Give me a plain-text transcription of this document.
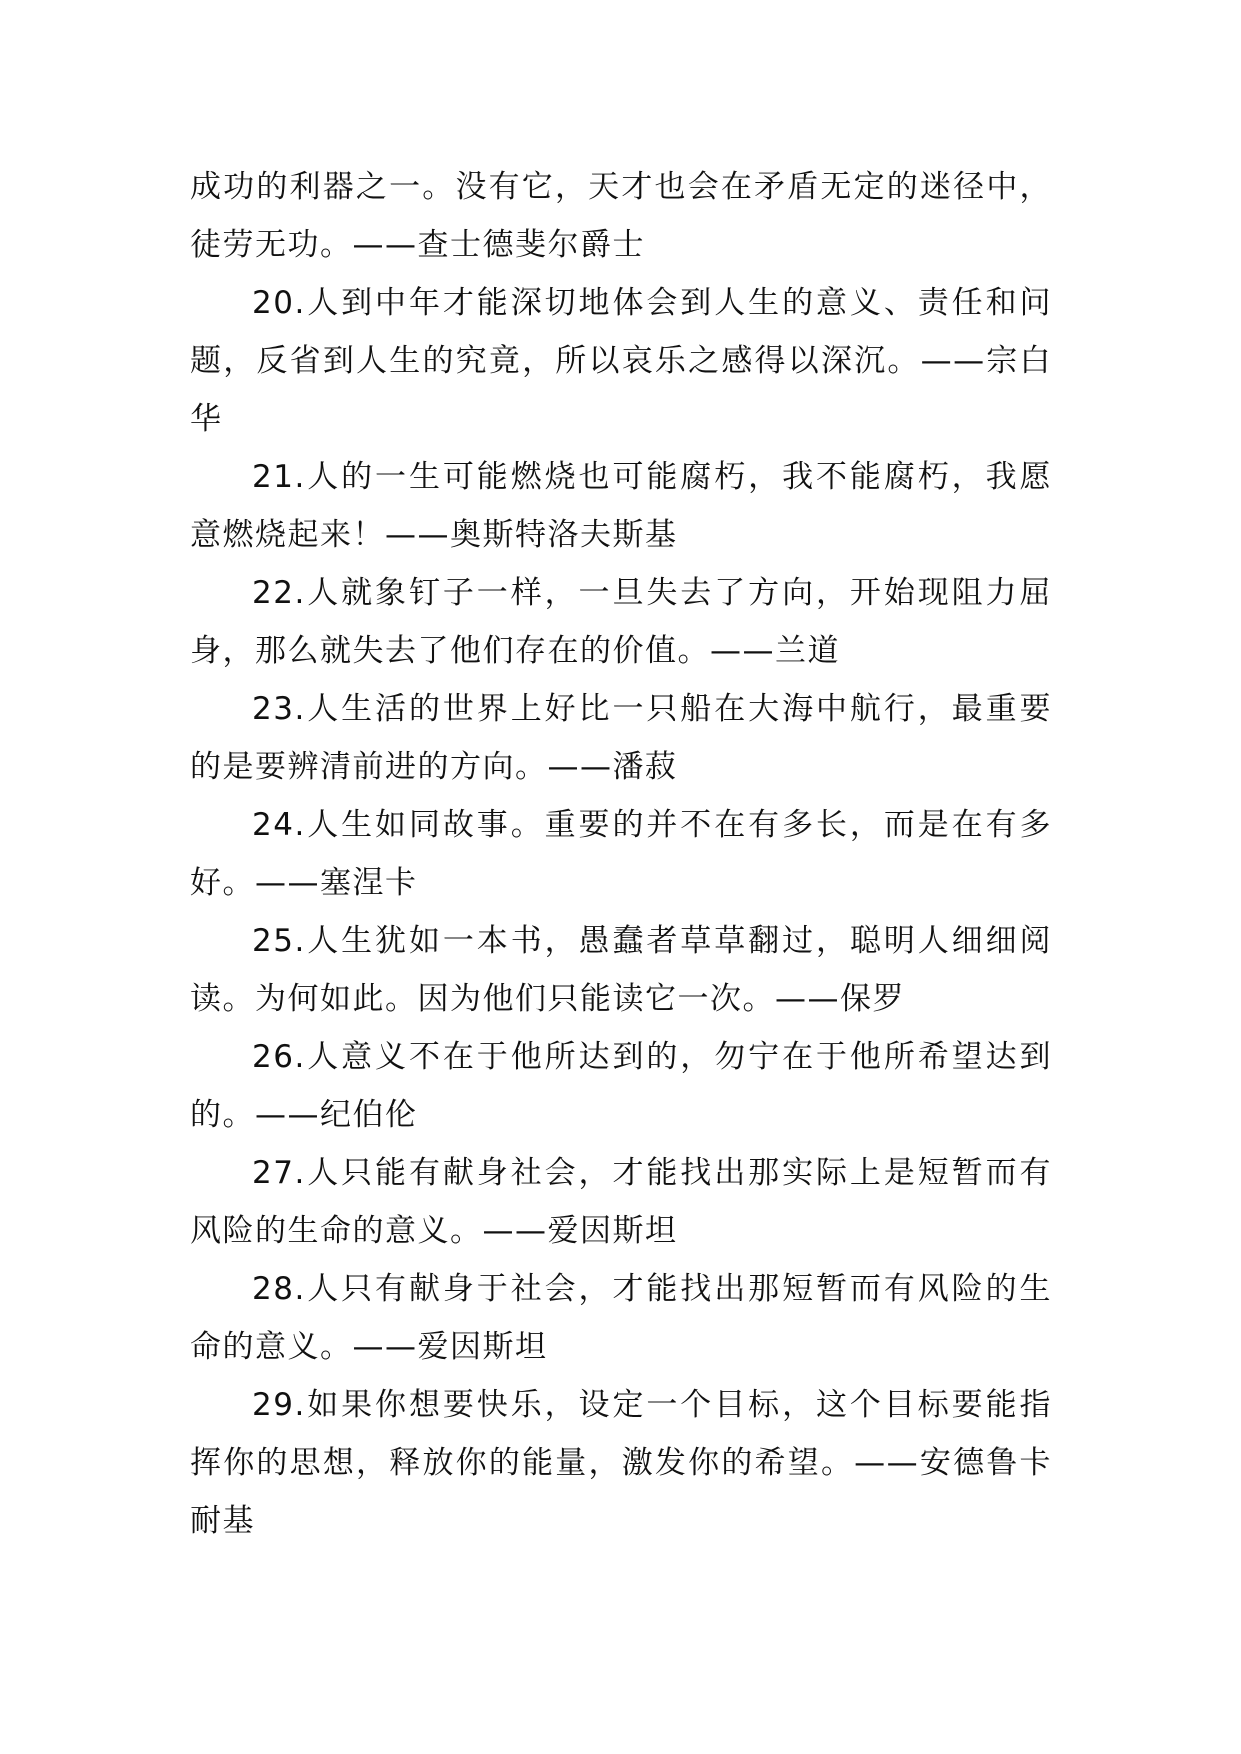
成功的利器之一。没有它，天才也会在矛盾无定的迷径中，徒劳无功。——查士德斐尔爵士

20.人到中年才能深切地体会到人生的意义、责任和问题，反省到人生的究竟，所以哀乐之感得以深沉。——宗白华

21.人的一生可能燃烧也可能腐朽，我不能腐朽，我愿意燃烧起来！——奥斯特洛夫斯基

22.人就象钉子一样，一旦失去了方向，开始现阻力屈身，那么就失去了他们存在的价值。——兰道

23.人生活的世界上好比一只船在大海中航行，最重要的是要辨清前进的方向。——潘菽

24.人生如同故事。重要的并不在有多长，而是在有多好。——塞涅卡

25.人生犹如一本书，愚蠢者草草翻过，聪明人细细阅读。为何如此。因为他们只能读它一次。——保罗

26.人意义不在于他所达到的，勿宁在于他所希望达到的。——纪伯伦

27.人只能有献身社会，才能找出那实际上是短暂而有风险的生命的意义。——爱因斯坦

28.人只有献身于社会，才能找出那短暂而有风险的生命的意义。——爱因斯坦

29.如果你想要快乐，设定一个目标，这个目标要能指挥你的思想，释放你的能量，激发你的希望。——安德鲁卡耐基
